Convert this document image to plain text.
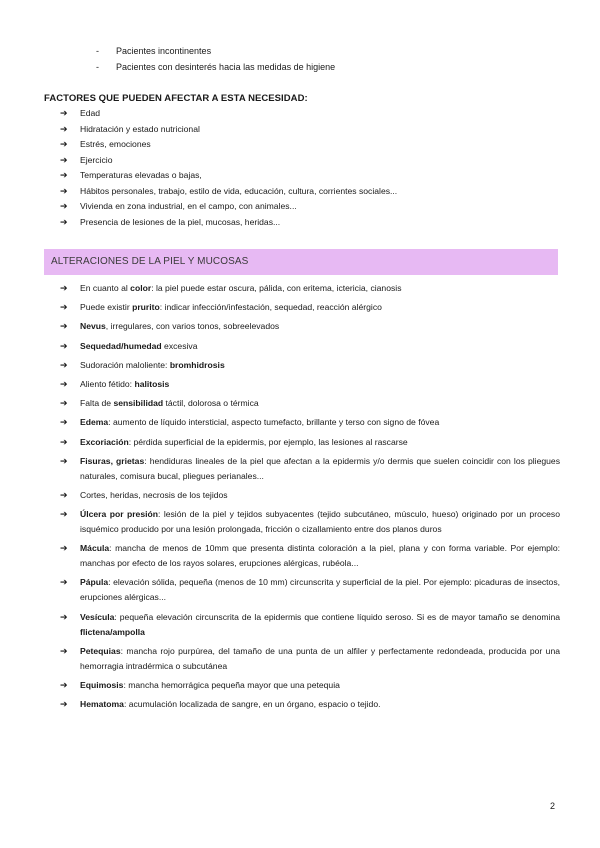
-	Pacientes incontinentes
-	Pacientes con desinterés hacia las medidas de higiene
FACTORES QUE PUEDEN AFECTAR A ESTA NECESIDAD:
➔	Edad
➔	Hidratación y estado nutricional
➔	Estrés, emociones
➔	Ejercicio
➔	Temperaturas elevadas o bajas,
➔	Hábitos personales, trabajo, estilo de vida, educación, cultura, corrientes sociales...
➔	Vivienda en zona industrial, en el campo, con animales...
➔	Presencia de lesiones de la piel, mucosas, heridas...
ALTERACIONES DE LA PIEL Y MUCOSAS
➔	En cuanto al color: la piel puede estar oscura, pálida, con eritema, ictericia, cianosis
➔	Puede existir prurito: indicar infección/infestación, sequedad, reacción alérgico
➔	Nevus, irregulares, con varios tonos, sobreelevados
➔	Sequedad/humedad excesiva
➔	Sudoración maloliente: bromhidrosis
➔	Aliento fétido: halitosis
➔	Falta de sensibilidad táctil, dolorosa o térmica
➔	Edema: aumento de líquido intersticial, aspecto tumefacto, brillante y terso con signo de fóvea
➔	Excoriación: pérdida superficial de la epidermis, por ejemplo, las lesiones al rascarse
➔	Fisuras, grietas: hendiduras lineales de la piel que afectan a la epidermis y/o dermis que suelen coincidir con los pliegues naturales, comisura bucal, pliegues perianales...
➔	Cortes, heridas, necrosis de los tejidos
➔	Úlcera por presión: lesión de la piel y tejidos subyacentes (tejido subcutáneo, músculo, hueso) originado por un proceso isquémico producido por una lesión prolongada, fricción o cizallamiento entre dos planos duros
➔	Mácula: mancha de menos de 10mm que presenta distinta coloración a la piel, plana y con forma variable. Por ejemplo: manchas por efecto de los rayos solares, erupciones alérgicas, rubéola...
➔	Pápula: elevación sólida, pequeña (menos de 10 mm) circunscrita y superficial de la piel. Por ejemplo: picaduras de insectos, erupciones alérgicas...
➔	Vesícula: pequeña elevación circunscrita de la epidermis que contiene líquido seroso. Si es de mayor tamaño se denomina flictena/ampolla
➔	Petequias: mancha rojo purpúrea, del tamaño de una punta de un alfiler y perfectamente redondeada, producida por una hemorragia intradérmica o subcutánea
➔	Equimosis: mancha hemorrágica pequeña mayor que una petequia
➔	Hematoma: acumulación localizada de sangre, en un órgano, espacio o tejido.
2
